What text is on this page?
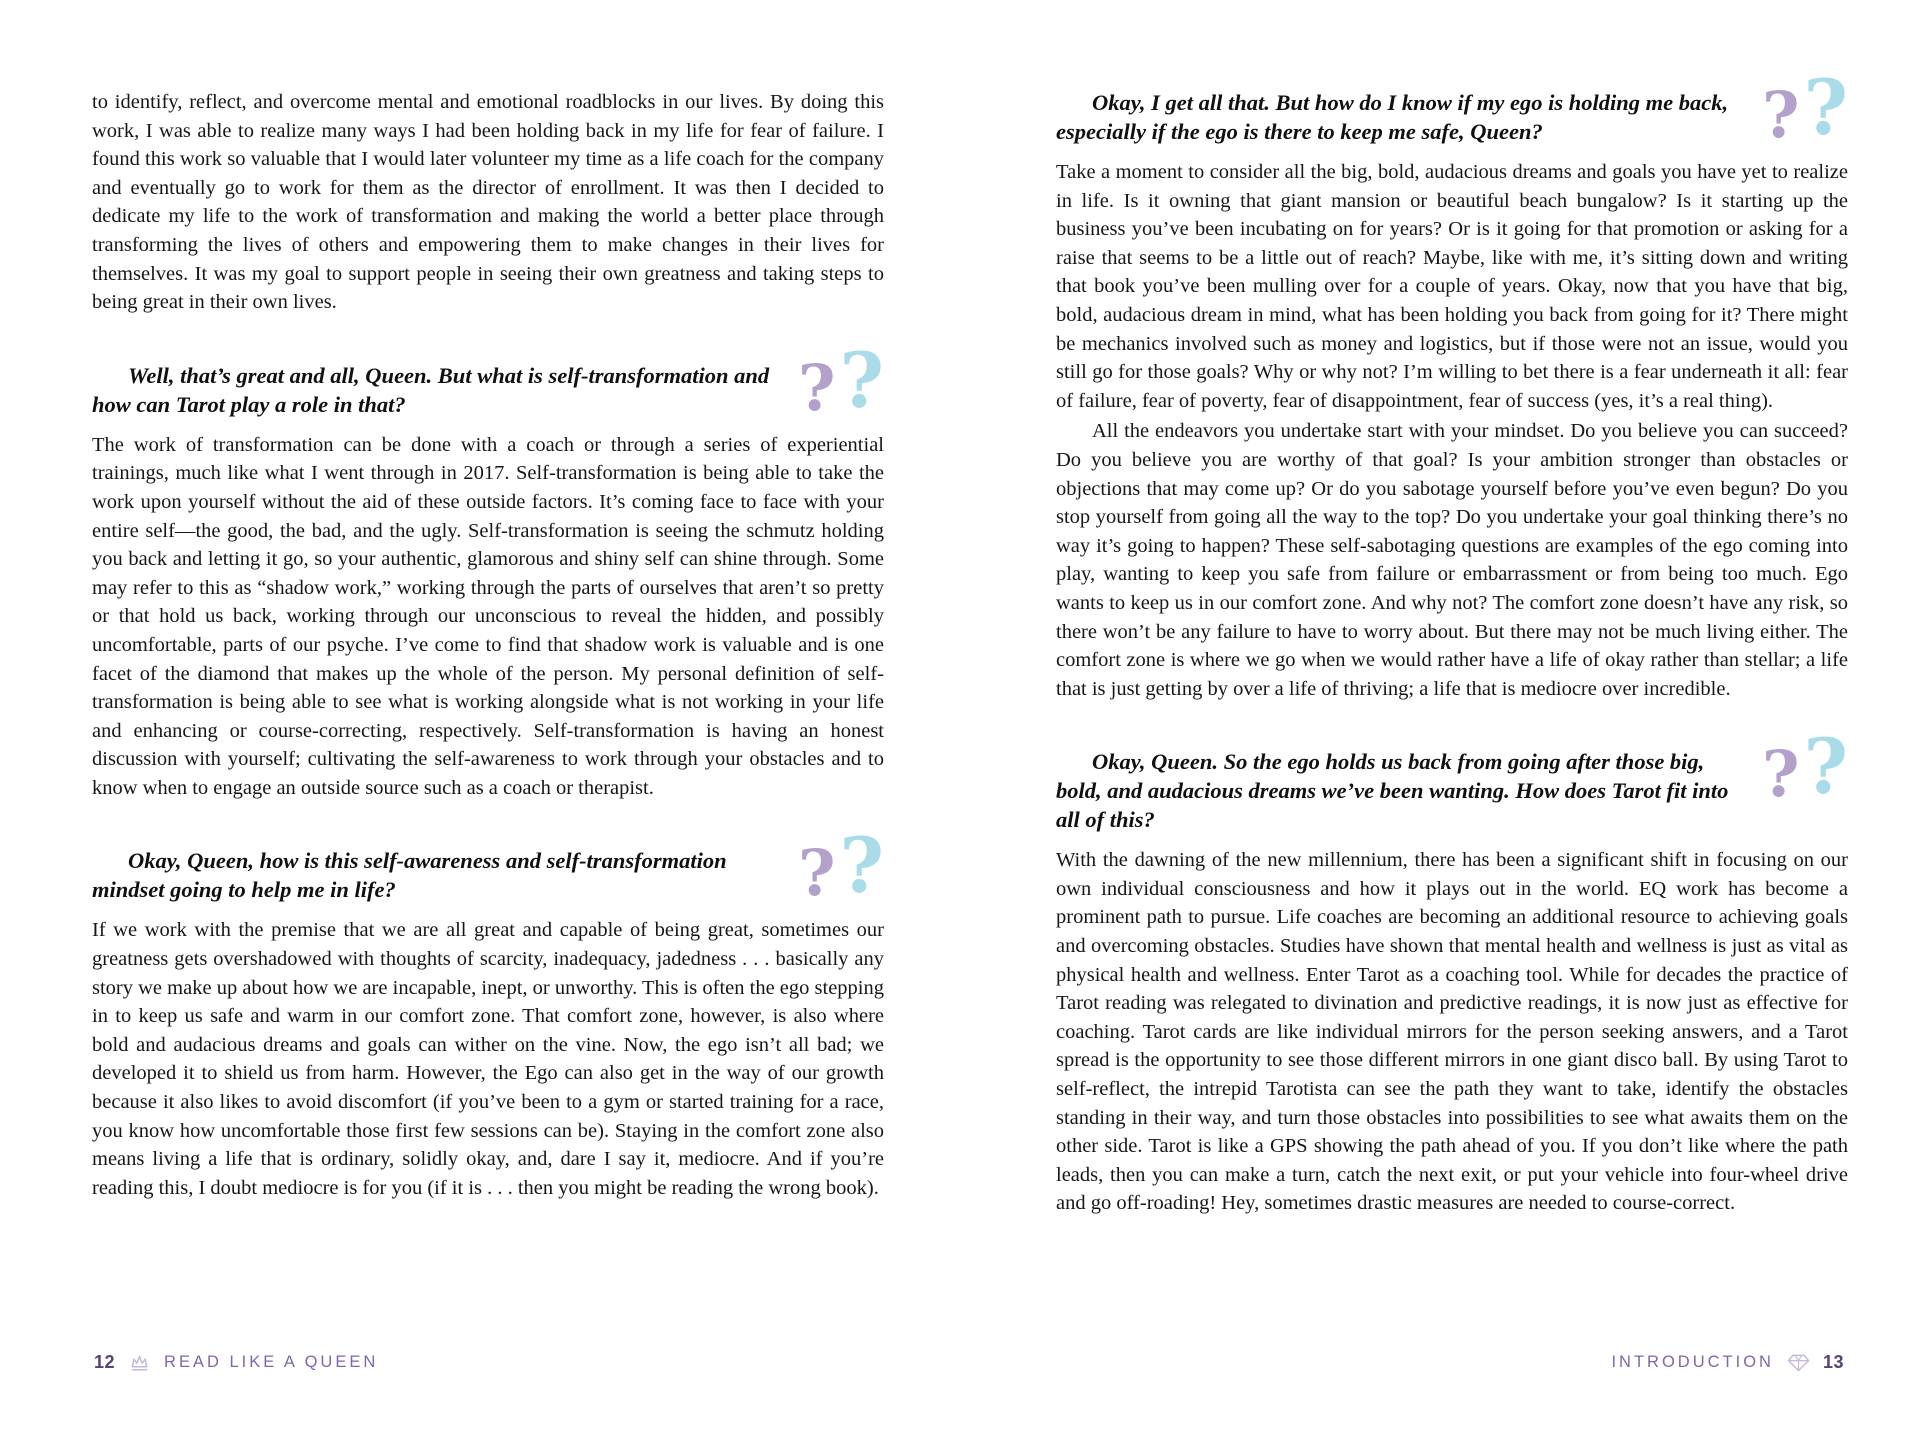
to identify, reflect, and overcome mental and emotional roadblocks in our lives. By doing this work, I was able to realize many ways I had been holding back in my life for fear of failure. I found this work so valuable that I would later volunteer my time as a life coach for the company and eventually go to work for them as the director of enrollment. It was then I decided to dedicate my life to the work of transformation and making the world a better place through transforming the lives of others and empowering them to make changes in their lives for themselves. It was my goal to support people in seeing their own greatness and taking steps to being great in their own lives.

Well, that’s great and all, Queen. But what is self-transformation and how can Tarot play a role in that?	?
?

The work of transformation can be done with a coach or through a series of experiential trainings, much like what I went through in 2017. Self-transformation is being able to take the work upon yourself without the aid of these outside factors. It’s coming face to face with your entire self—the good, the bad, and the ugly. Self-transformation is seeing the schmutz holding you back and letting it go, so your authentic, glamorous and shiny self can shine through. Some may refer to this as “shadow work,” working through the parts of ourselves that aren’t so pretty or that hold us back, working through our unconscious to reveal the hidden, and possibly uncomfortable, parts of our psyche. I’ve come to find that shadow work is valuable and is one facet of the diamond that makes up the whole of the person. My personal definition of self-transformation is being able to see what is working alongside what is not working in your life and enhancing or course-correcting, respectively. Self-transformation is having an honest discussion with yourself; cultivating the self-awareness to work through your obstacles and to know when to engage an outside source such as a coach or therapist.

Okay, Queen, how is this self-awareness and self-transformation mindset going to help me in life?	?
?

If we work with the premise that we are all great and capable of being great, sometimes our greatness gets overshadowed with thoughts of scarcity, inadequacy, jadedness . . . basically any story we make up about how we are incapable, inept, or unworthy. This is often the ego stepping in to keep us safe and warm in our comfort zone. That comfort zone, however, is also where bold and audacious dreams and goals can wither on the vine. Now, the ego isn’t all bad; we developed it to shield us from harm. However, the Ego can also get in the way of our growth because it also likes to avoid discomfort (if you’ve been to a gym or started training for a race, you know how uncomfortable those first few sessions can be). Staying in the comfort zone also means living a life that is ordinary, solidly okay, and, dare I say it, mediocre. And if you’re reading this, I doubt mediocre is for you (if it is . . . then you might be reading the wrong book).

Okay, I get all that. But how do I know if my ego is holding me back, especially if the ego is there to keep me safe, Queen?	?
?

Take a moment to consider all the big, bold, audacious dreams and goals you have yet to realize in life. Is it owning that giant mansion or beautiful beach bungalow? Is it starting up the business you’ve been incubating on for years? Or is it going for that promotion or asking for a raise that seems to be a little out of reach? Maybe, like with me, it’s sitting down and writing that book you’ve been mulling over for a couple of years. Okay, now that you have that big, bold, audacious dream in mind, what has been holding you back from going for it? There might be mechanics involved such as money and logistics, but if those were not an issue, would you still go for those goals? Why or why not? I’m willing to bet there is a fear underneath it all: fear of failure, fear of poverty, fear of disappointment, fear of success (yes, it’s a real thing).

All the endeavors you undertake start with your mindset. Do you believe you can succeed? Do you believe you are worthy of that goal? Is your ambition stronger than obstacles or objections that may come up? Or do you sabotage yourself before you’ve even begun? Do you stop yourself from going all the way to the top? Do you undertake your goal thinking there’s no way it’s going to happen? These self-sabotaging questions are examples of the ego coming into play, wanting to keep you safe from failure or embarrassment or from being too much. Ego wants to keep us in our comfort zone. And why not? The comfort zone doesn’t have any risk, so there won’t be any failure to have to worry about. But there may not be much living either. The comfort zone is where we go when we would rather have a life of okay rather than stellar; a life that is just getting by over a life of thriving; a life that is mediocre over incredible.

Okay, Queen. So the ego holds us back from going after those big, bold, and audacious dreams we’ve been wanting. How does Tarot fit into all of this?
?
?

With the dawning of the new millennium, there has been a significant shift in focusing on our own individual consciousness and how it plays out in the world. EQ work has become a prominent path to pursue. Life coaches are becoming an additional resource to achieving goals and overcoming obstacles. Studies have shown that mental health and wellness is just as vital as physical health and wellness. Enter Tarot as a coaching tool. While for decades the practice of Tarot reading was relegated to divination and predictive readings, it is now just as effective for coaching. Tarot cards are like individual mirrors for the person seeking answers, and a Tarot spread is the opportunity to see those different mirrors in one giant disco ball. By using Tarot to self-reflect, the intrepid Tarotista can see the path they want to take, identify the obstacles standing in their way, and turn those obstacles into possibilities to see what awaits them on the other side. Tarot is like a GPS showing the path ahead of you. If you don’t like where the path leads, then you can make a turn, catch the next exit, or put your vehicle into four-wheel drive and go off-roading! Hey, sometimes drastic measures are needed to course-correct.

12	READ LIKE A QUEEN	INTRODUCTION	13
